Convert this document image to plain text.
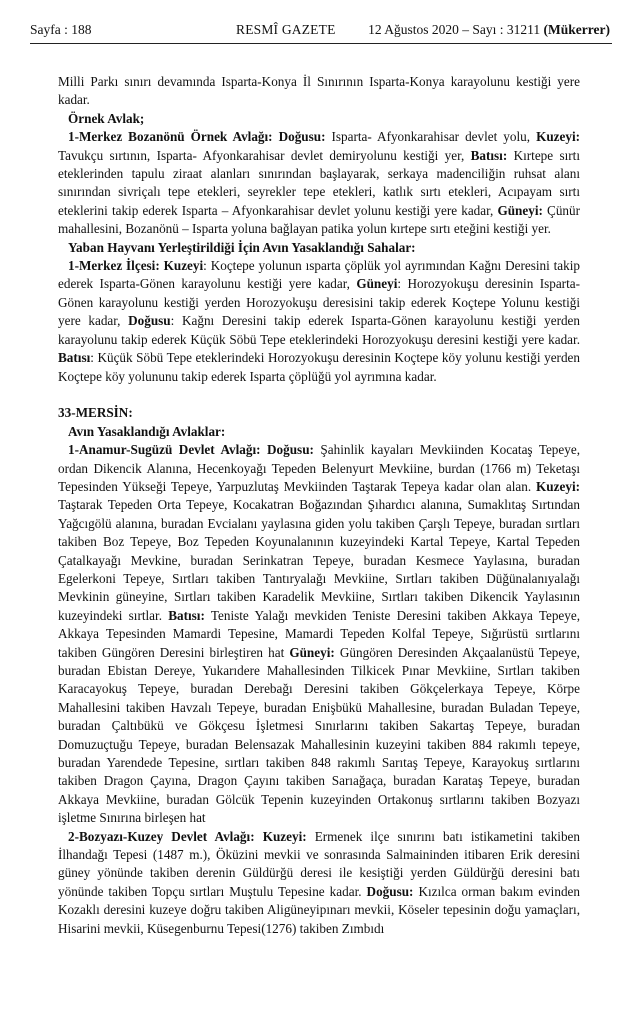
Sayfa : 188	RESMÎ GAZETE 12 Ağustos 2020 – Sayı : 31211 (Mükerrer)

Milli Parkı sınırı devamında Isparta-Konya İl Sınırının Isparta-Konya karayolunu kestiği yere kadar.

Örnek Avlak;

1-Merkez Bozanönü Örnek Avlağı: Doğusu: Isparta- Afyonkarahisar devlet yolu, Kuzeyi: Tavukçu sırtının, Isparta- Afyonkarahisar devlet demiryolunu kestiği yer, Batısı: Kırtepe sırtı eteklerinden tapulu ziraat alanları sınırından başlayarak, serkaya madenciliğin ruhsat alanı sınırından sivriçalı tepe etekleri, seyrekler tepe etekleri, katlık sırtı etekleri, Acıpayam sırtı eteklerini takip ederek Isparta – Afyonkarahisar devlet yolunu kestiği yere kadar, Güneyi: Çünür mahallesini, Bozanönü – Isparta yoluna bağlayan patika yolun kırtepe sırtı eteğini kestiği yer.

Yaban Hayvanı Yerleştirildiği İçin Avın Yasaklandığı Sahalar:

1-Merkez İlçesi: Kuzeyi: Koçtepe yolunun ısparta çöplük yol ayrımından Kağnı Deresini takip ederek Isparta-Gönen karayolunu kestiği yere kadar, Güneyi: Horozyokuşu deresinin Isparta-Gönen karayolunu kestiği yerden Horozyokuşu deresisini takip ederek Koçtepe Yolunu kestiği yere kadar, Doğusu: Kağnı Deresini takip ederek Isparta-Gönen karayolunu kestiği yerden karayolunu takip ederek Küçük Söbü Tepe eteklerindeki Horozyokuşu deresini kestiği yere kadar. Batısı: Küçük Söbü Tepe eteklerindeki Horozyokuşu deresinin Koçtepe köy yolunu kestiği yerden Koçtepe köy yolununu takip ederek Isparta çöplüğü yol ayrımına kadar.

33-MERSİN:

Avın Yasaklandığı Avlaklar:

1-Anamur-Sugüzü Devlet Avlağı: Doğusu: Şahinlik kayaları Mevkiinden Kocataş Tepeye, ordan Dikencik Alanına, Hecenkoyağı Tepeden Belenyurt Mevkiine, burdan (1766 m) Teketaşı Tepesinden Yükseği Tepeye, Yarpuzlutaş Mevkiinden Taştarak Tepeya kadar olan alan. Kuzeyi: Taştarak Tepeden Orta Tepeye, Kocakatran Boğazından Şıhardıcı alanına, Sumaklıtaş Sırtından Yağcıgölü alanına, buradan Evcialanı yaylasına giden yolu takiben Çarşlı Tepeye, buradan sırtları takiben Boz Tepeye, Boz Tepeden Koyunalanının kuzeyindeki Kartal Tepeye, Kartal Tepeden Çatalkayağı Mevkine, buradan Serinkatran Tepeye, buradan Kesmece Yaylasına, buradan Egelerkoni Tepeye, Sırtları takiben Tantıryalağı Mevkiine, Sırtları takiben Düğünalanıyalağı Mevkinin güneyine, Sırtları takiben Karadelik Mevkiine, Sırtları takiben Dikencik Yaylasının kuzeyindeki sırtlar. Batısı: Teniste Yalağı mevkiden Teniste Deresini takiben Akkaya Tepeye, Akkaya Tepesinden Mamardi Tepesine, Mamardi Tepeden Kolfal Tepeye, Sığırüstü sırtlarını takiben Güngören Deresini birleştiren hat Güneyi: Güngören Deresinden Akçaalanüstü Tepeye, buradan Ebistan Dereye, Yukarıdere Mahallesinden Tilkicek Pınar Mevkiine, Sırtları takiben Karacayokuş Tepeye, buradan Derebağı Deresini takiben Gökçelerkaya Tepeye, Körpe Mahallesini takiben Havzalı Tepeye, buradan Enişbükü Mahallesine, buradan Buladan Tepeye, buradan Çaltıbükü ve Gökçesu İşletmesi Sınırlarını takiben Sakartaş Tepeye, buradan Domuzuçtuğu Tepeye, buradan Belensazak Mahallesinin kuzeyini takiben 884 rakımlı tepeye, buradan Yarendede Tepesine, sırtları takiben 848 rakımlı Sarıtaş Tepeye, Karayokuş sırtlarını takiben Dragon Çayına, Dragon Çayını takiben Sarıağaça, buradan Karataş Tepeye, buradan Akkaya Mevkiine, buradan Gölcük Tepenin kuzeyinden Ortakonuş sırtlarını takiben Bozyazı işletme Sınırına birleşen hat

2-Bozyazı-Kuzey Devlet Avlağı: Kuzeyi: Ermenek ilçe sınırını batı istikametini takiben İlhandağı Tepesi (1487 m.), Öküzini mevkii ve sonrasında Salmaininden itibaren Erik deresini güney yönünde takiben derenin Güldürğü deresi ile kesiştiği yerden Güldürğü deresini batı yönünde takiben Topçu sırtları Muştulu Tepesine kadar. Doğusu: Kızılca orman bakım evinden Kozaklı deresini kuzeye doğru takiben Aligüneyipınarı mevkii, Köseler tepesinin doğu yamaçları, Hisarini mevkii, Küsegenburnu Tepesi(1276) takiben Zımbıdı
